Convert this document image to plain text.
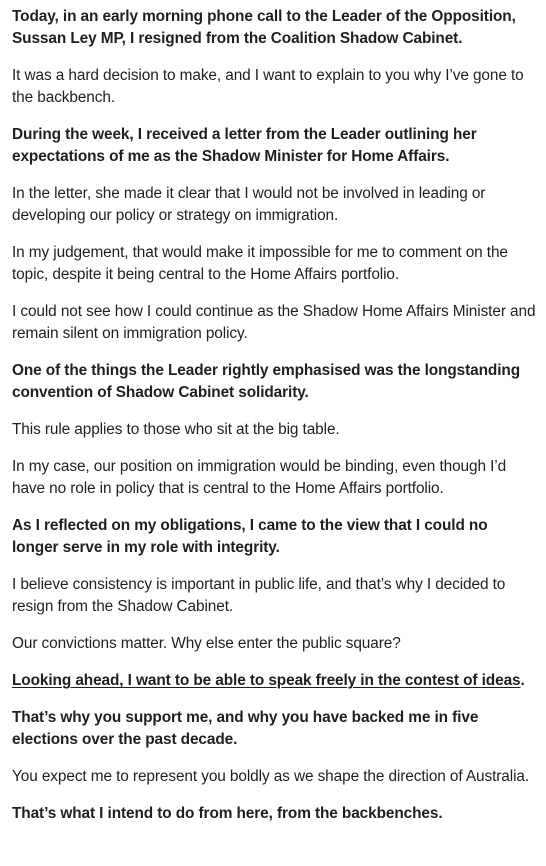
Today, in an early morning phone call to the Leader of the Opposition, Sussan Ley MP, I resigned from the Coalition Shadow Cabinet.

It was a hard decision to make, and I want to explain to you why I’ve gone to the backbench.

During the week, I received a letter from the Leader outlining her expectations of me as the Shadow Minister for Home Affairs.

In the letter, she made it clear that I would not be involved in leading or developing our policy or strategy on immigration.

In my judgement, that would make it impossible for me to comment on the topic, despite it being central to the Home Affairs portfolio.

I could not see how I could continue as the Shadow Home Affairs Minister and remain silent on immigration policy.

One of the things the Leader rightly emphasised was the longstanding convention of Shadow Cabinet solidarity.

This rule applies to those who sit at the big table.

In my case, our position on immigration would be binding, even though I’d have no role in policy that is central to the Home Affairs portfolio.

As I reflected on my obligations, I came to the view that I could no longer serve in my role with integrity.

I believe consistency is important in public life, and that’s why I decided to resign from the Shadow Cabinet.

Our convictions matter. Why else enter the public square?

Looking ahead, I want to be able to speak freely in the contest of ideas.

That’s why you support me, and why you have backed me in five elections over the past decade.

You expect me to represent you boldly as we shape the direction of Australia.

That’s what I intend to do from here, from the backbenches.
